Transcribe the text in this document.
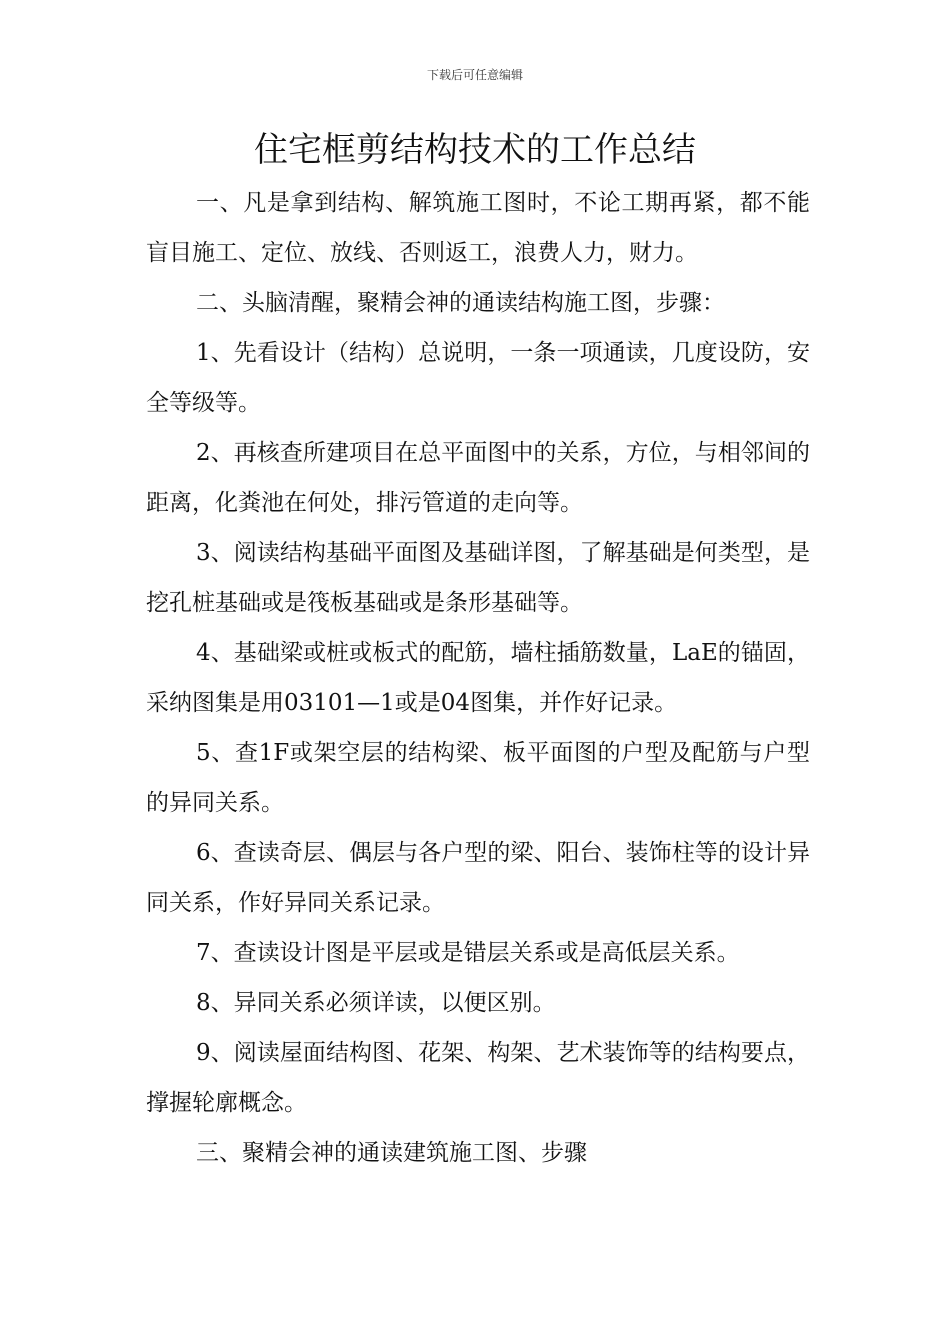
下载后可任意编辑
住宅框剪结构技术的工作总结

一、凡是拿到结构、解筑施工图时，不论工期再紧，都不能盲目施工、定位、放线、否则返工，浪费人力，财力。

二、头脑清醒，聚精会神的通读结构施工图，步骤：

1、先看设计（结构）总说明，一条一项通读，几度设防，安全等级等。

2、再核查所建项目在总平面图中的关系，方位，与相邻间的距离，化粪池在何处，排污管道的走向等。

3、阅读结构基础平面图及基础详图，了解基础是何类型，是挖孔桩基础或是筏板基础或是条形基础等。

4、基础梁或桩或板式的配筋，墙柱插筋数量，LaE的锚固，采纳图集是用03101—1或是04图集，并作好记录。

5、查1F或架空层的结构梁、板平面图的户型及配筋与户型的异同关系。

6、查读奇层、偶层与各户型的梁、阳台、装饰柱等的设计异同关系，作好异同关系记录。

7、查读设计图是平层或是错层关系或是高低层关系。

8、异同关系必须详读，以便区别。

9、阅读屋面结构图、花架、构架、艺术装饰等的结构要点，撑握轮廓概念。

三、聚精会神的通读建筑施工图、步骤
